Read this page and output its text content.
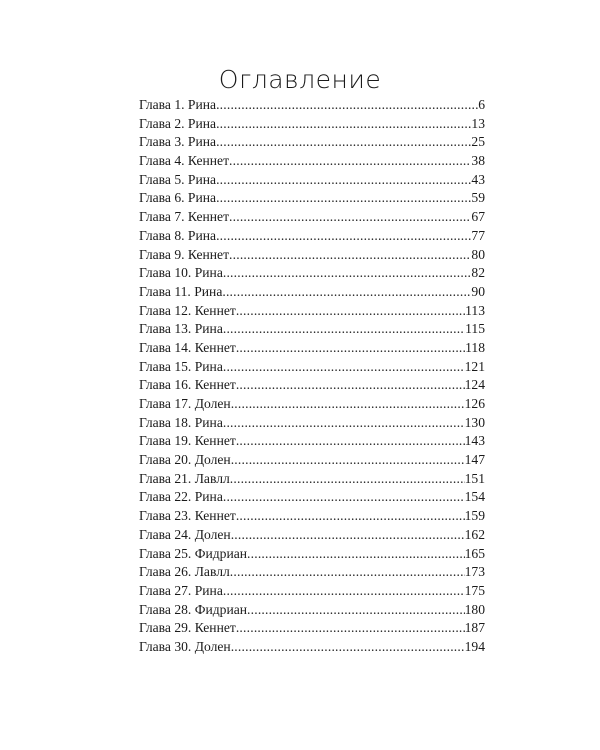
Оглавление
Глава 1. Рина .....	6
Глава 2. Рина .....	13
Глава 3. Рина .....	25
Глава 4. Кеннет .....	38
Глава 5. Рина .....	43
Глава 6. Рина .....	59
Глава 7. Кеннет .....	67
Глава 8. Рина .....	77
Глава 9. Кеннет .....	80
Глава 10. Рина .....	82
Глава 11. Рина .....	90
Глава 12. Кеннет .....	113
Глава 13. Рина .....	115
Глава 14. Кеннет .....	118
Глава 15. Рина .....	121
Глава 16. Кеннет .....	124
Глава 17. Долен .....	126
Глава 18. Рина .....	130
Глава 19. Кеннет .....	143
Глава 20. Долен .....	147
Глава 21. Лавлл .....	151
Глава 22. Рина .....	154
Глава 23. Кеннет .....	159
Глава 24. Долен .....	162
Глава 25. Фидриан .....	165
Глава 26. Лавлл .....	173
Глава 27. Рина .....	175
Глава 28. Фидриан .....	180
Глава 29. Кеннет .....	187
Глава 30. Долен .....	194
